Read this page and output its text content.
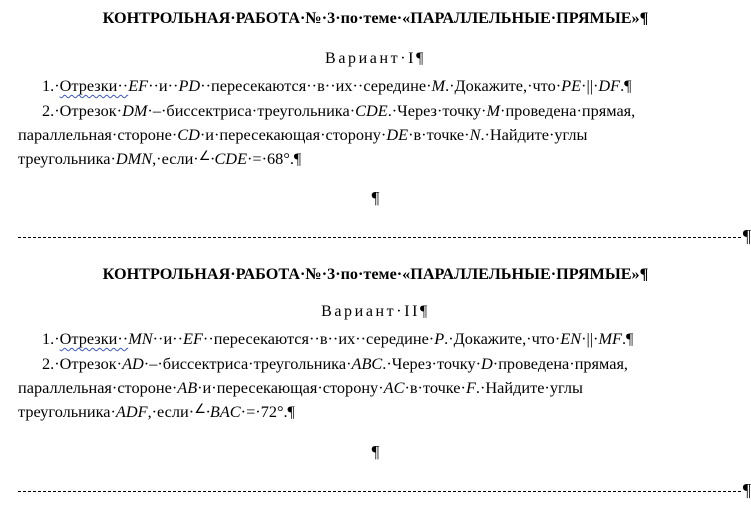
КОНТРОЛЬНАЯ·РАБОТА·№·3·по·теме·«ПАРАЛЛЕЛЬНЫЕ·ПРЯМЫЕ»¶
Вариант·I¶
1.·Отрезки··EF··и··PD··пересекаются··в··их··середине·M.·Докажите,·что·PE·||·DF.¶
2.·Отрезок·DM·–·биссектриса·треугольника·CDE.·Через·точку·M·проведена·прямая,
параллельная·стороне·CD·и·пересекающая·сторону·DE·в·точке·N.·Найдите·углы
треугольника·DMN,·если·∠·CDE·=·68°.¶
¶
¶
КОНТРОЛЬНАЯ·РАБОТА·№·3·по·теме·«ПАРАЛЛЕЛЬНЫЕ·ПРЯМЫЕ»¶
Вариант·II¶
1.·Отрезки··MN··и··EF··пересекаются··в··их··середине·P.·Докажите,·что·EN·||·MF.¶
2.·Отрезок·AD·–·биссектриса·треугольника·ABC.·Через·точку·D·проведена·прямая,
параллельная·стороне·AB·и·пересекающая·сторону·AC·в·точке·F.·Найдите·углы
треугольника·ADF,·если·∠·BAC·=·72°.¶
¶
¶
